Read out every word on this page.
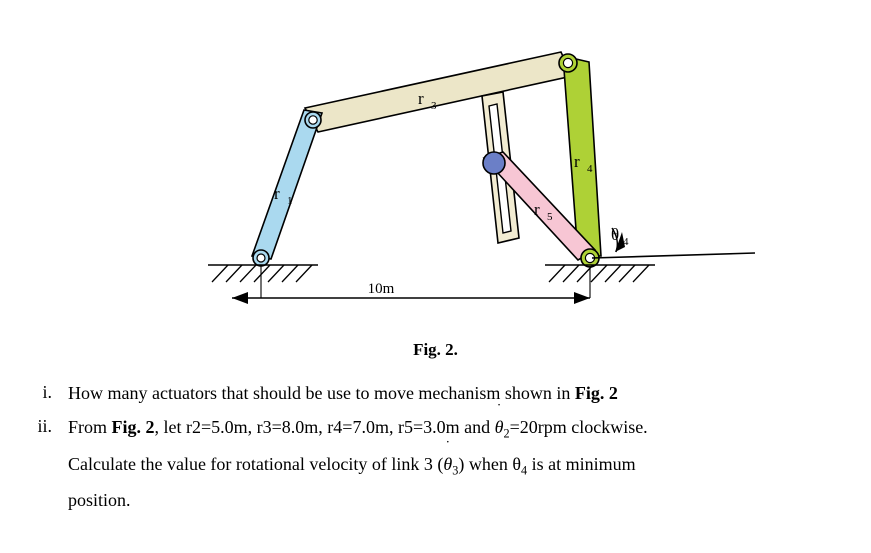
r 3
r 1
r 4
r 5
θ 4
10m
Fig. 2.
i. How many actuators that should be use to move mechanism shown in Fig. 2
ii. From Fig. 2, let r2=5.0m, r3=8.0m, r4=7.0m, r5=3.0m and
˙
$\theta_2=20rpm$ clockwise.
Calculate the value for rotational velocity of link 3 (
˙
$\theta_3$) when $\theta_4$ is at minimum
position.
